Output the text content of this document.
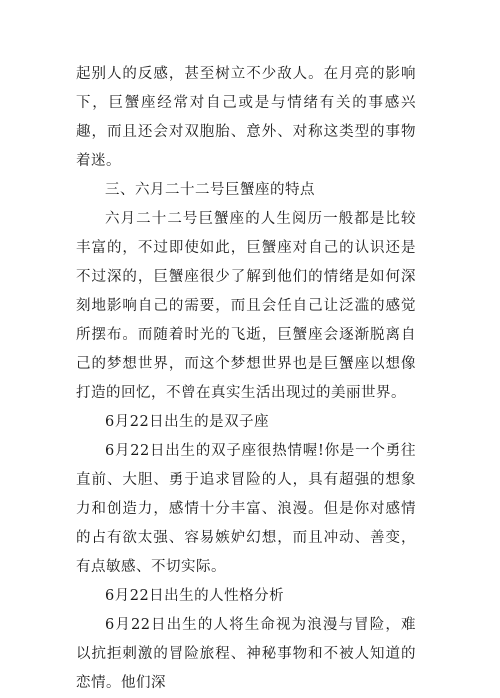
起别人的反感，甚至树立不少敌人。在月亮的影响下，巨蟹座经常对自己或是与情绪有关的事感兴趣，而且还会对双胞胎、意外、对称这类型的事物着迷。

三、六月二十二号巨蟹座的特点

六月二十二号巨蟹座的人生阅历一般都是比较丰富的，不过即使如此，巨蟹座对自己的认识还是不过深的，巨蟹座很少了解到他们的情绪是如何深刻地影响自己的需要，而且会任自己让泛滥的感觉所摆布。而随着时光的飞逝，巨蟹座会逐渐脱离自己的梦想世界，而这个梦想世界也是巨蟹座以想像打造的回忆，不曾在真实生活出现过的美丽世界。

6月22日出生的是双子座

6月22日出生的双子座很热情喔!你是一个勇往直前、大胆、勇于追求冒险的人，具有超强的想象力和创造力，感情十分丰富、浪漫。但是你对感情的占有欲太强、容易嫉妒幻想，而且冲动、善变，有点敏感、不切实际。

6月22日出生的人性格分析

6月22日出生的人将生命视为浪漫与冒险，难以抗拒刺激的冒险旅程、神秘事物和不被人知道的恋情。他们深
